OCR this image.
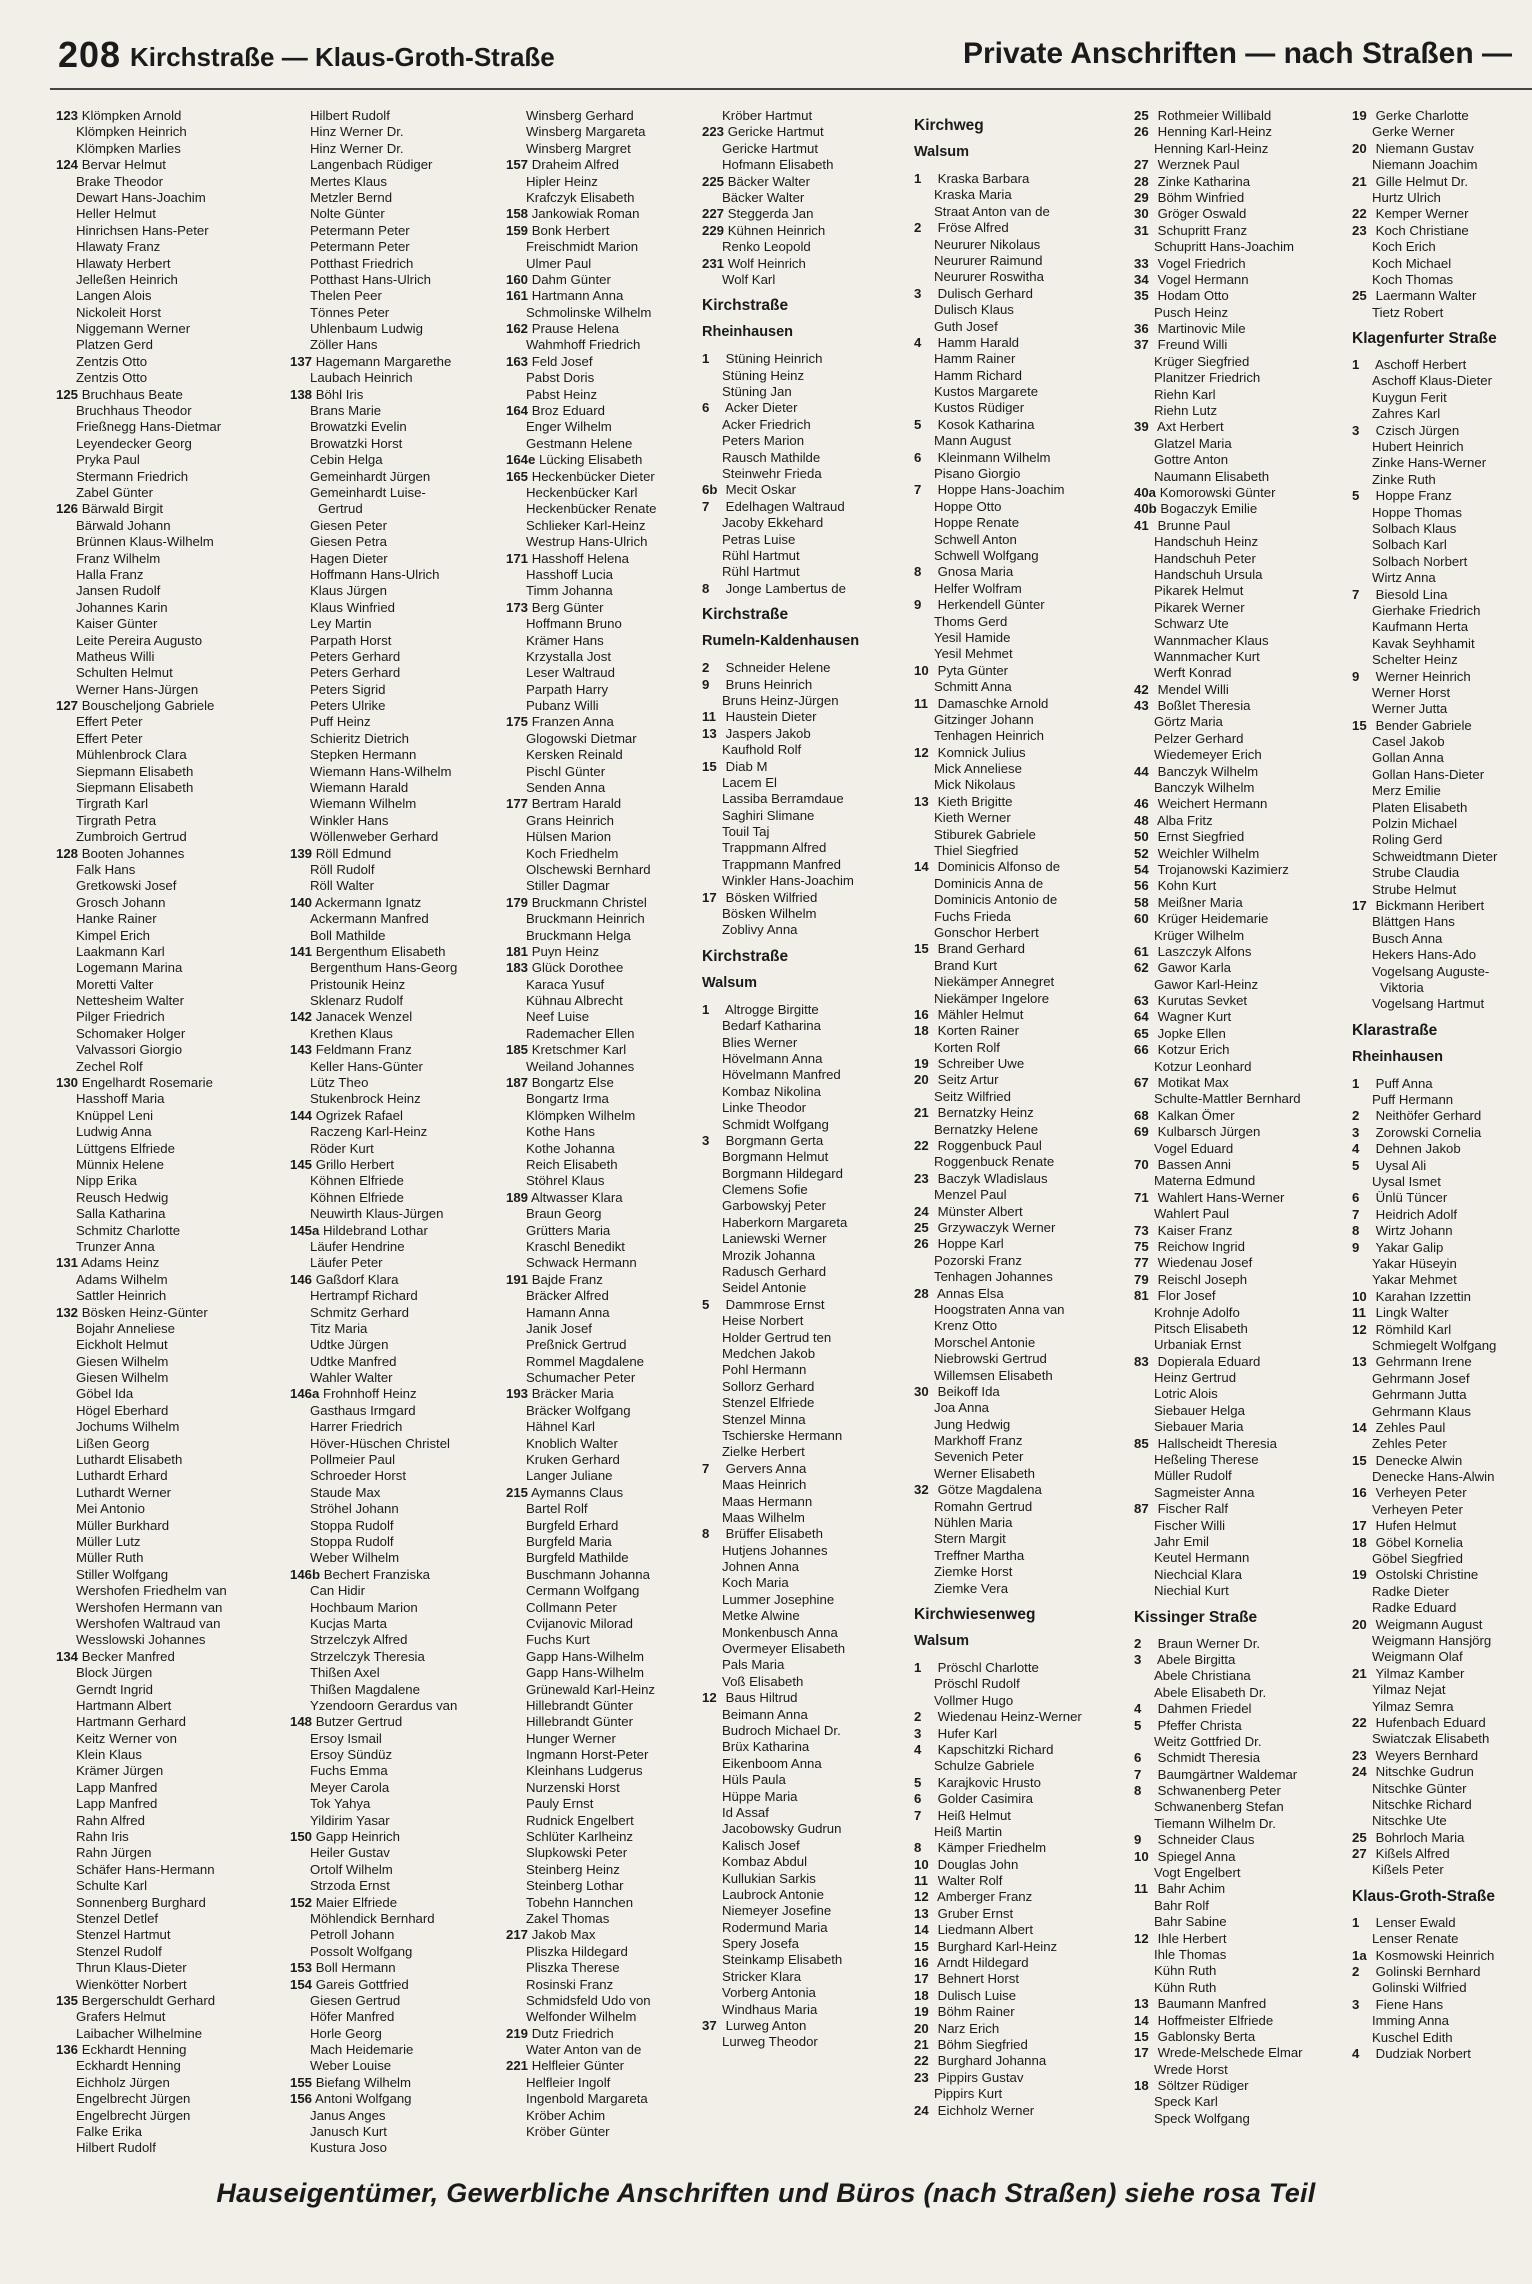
208 Kirchstraße — Klaus-Groth-Straße	Private Anschriften — nach Straßen —
123 Klömpken Arnold
Klömpken Heinrich
Klömpken Marlies
124 Bervar Helmut
Brake Theodor
Dewart Hans-Joachim
Heller Helmut
Hinrichsen Hans-Peter
Hlawaty Franz
Hlawaty Herbert
Jelleßen Heinrich
Langen Alois
Nickoleit Horst
Niggemann Werner
Platzen Gerd
Zentzis Otto
Zentzis Otto
125 Bruchhaus Beate
Bruchhaus Theodor
Frießnegg Hans-Dietmar
Leyendecker Georg
Pryka Paul
Stermann Friedrich
Zabel Günter
126 Bärwald Birgit
Bärwald Johann
Brünnen Klaus-Wilhelm
Franz Wilhelm
Halla Franz
Jansen Rudolf
Johannes Karin
Kaiser Günter
Leite Pereira Augusto
Matheus Willi
Schulten Helmut
Werner Hans-Jürgen
127 Bouscheljong Gabriele
Effert Peter
Effert Peter
Mühlenbrock Clara
Siepmann Elisabeth
Siepmann Elisabeth
Tirgrath Karl
Tirgrath Petra
Zumbroich Gertrud
128 Booten Johannes
Falk Hans
Gretkowski Josef
Grosch Johann
Hanke Rainer
Kimpel Erich
Laakmann Karl
Logemann Marina
Moretti Valter
Nettesheim Walter
Pilger Friedrich
Schomaker Holger
Valvassori Giorgio
Zechel Rolf
130 Engelhardt Rosemarie
Hasshoff Maria
Knüppel Leni
Ludwig Anna
Lüttgens Elfriede
Münnix Helene
Nipp Erika
Reusch Hedwig
Salla Katharina
Schmitz Charlotte
Trunzer Anna
131 Adams Heinz
Adams Wilhelm
Sattler Heinrich
132 Bösken Heinz-Günter
Bojahr Anneliese
Eickholt Helmut
Giesen Wilhelm
Giesen Wilhelm
Göbel Ida
Högel Eberhard
Jochums Wilhelm
Lißen Georg
Luthardt Elisabeth
Luthardt Erhard
Luthardt Werner
Mei Antonio
Müller Burkhard
Müller Lutz
Müller Ruth
Stiller Wolfgang
Wershofen Friedhelm van
Wershofen Hermann van
Wershofen Waltraud van
Wesslowski Johannes
134 Becker Manfred
Block Jürgen
Gerndt Ingrid
Hartmann Albert
Hartmann Gerhard
Keitz Werner von
Klein Klaus
Krämer Jürgen
Lapp Manfred
Lapp Manfred
Rahn Alfred
Rahn Iris
Rahn Jürgen
Schäfer Hans-Hermann
Schulte Karl
Sonnenberg Burghard
Stenzel Detlef
Stenzel Hartmut
Stenzel Rudolf
Thrun Klaus-Dieter
Wienkötter Norbert
135 Bergerschuldt Gerhard
Grafers Helmut
Laibacher Wilhelmine
136 Eckhardt Henning
Eckhardt Henning
Eichholz Jürgen
Engelbrecht Jürgen
Engelbrecht Jürgen
Falke Erika
Hilbert Rudolf
Hilbert Rudolf
Hinz Werner Dr.
Hinz Werner Dr.
Langenbach Rüdiger
Mertes Klaus
Metzler Bernd
Nolte Günter
Petermann Peter
Petermann Peter
Potthast Friedrich
Potthast Hans-Ulrich
Thelen Peer
Tönnes Peter
Uhlenbaum Ludwig
Zöller Hans
137 Hagemann Margarethe
Laubach Heinrich
138 Böhl Iris
Brans Marie
Browatzki Evelin
Browatzki Horst
Cebin Helga
Gemeinhardt Jürgen
Gemeinhardt Luise-
Gertrud
Giesen Peter
Giesen Petra
Hagen Dieter
Hoffmann Hans-Ulrich
Klaus Jürgen
Klaus Winfried
Ley Martin
Parpath Horst
Peters Gerhard
Peters Gerhard
Peters Sigrid
Peters Ulrike
Puff Heinz
Schieritz Dietrich
Stepken Hermann
Wiemann Hans-Wilhelm
Wiemann Harald
Wiemann Wilhelm
Winkler Hans
Wöllenweber Gerhard
139 Röll Edmund
Röll Rudolf
Röll Walter
140 Ackermann Ignatz
Ackermann Manfred
Boll Mathilde
141 Bergenthum Elisabeth
Bergenthum Hans-Georg
Pristounik Heinz
Sklenarz Rudolf
142 Janacek Wenzel
Krethen Klaus
143 Feldmann Franz
Keller Hans-Günter
Lütz Theo
Stukenbrock Heinz
144 Ogrizek Rafael
Raczeng Karl-Heinz
Röder Kurt
145 Grillo Herbert
Köhnen Elfriede
Köhnen Elfriede
Neuwirth Klaus-Jürgen
145a Hildebrand Lothar
Läufer Hendrine
Läufer Peter
146 Gaßdorf Klara
Hertrampf Richard
Schmitz Gerhard
Titz Maria
Udtke Jürgen
Udtke Manfred
Wahler Walter
146a Frohnhoff Heinz
Gasthaus Irmgard
Harrer Friedrich
Höver-Hüschen Christel
Pollmeier Paul
Schroeder Horst
Staude Max
Ströhel Johann
Stoppa Rudolf
Stoppa Rudolf
Weber Wilhelm
146b Bechert Franziska
Can Hidir
Hochbaum Marion
Kucjas Marta
Strzelczyk Alfred
Strzelczyk Theresia
Thißen Axel
Thißen Magdalene
Yzendoorn Gerardus van
148 Butzer Gertrud
Ersoy Ismail
Ersoy Sündüz
Fuchs Emma
Meyer Carola
Tok Yahya
Yildirim Yasar
150 Gapp Heinrich
Heiler Gustav
Ortolf Wilhelm
Strzoda Ernst
152 Maier Elfriede
Möhlendick Bernhard
Petroll Johann
Possolt Wolfgang
153 Boll Hermann
154 Gareis Gottfried
Giesen Gertrud
Höfer Manfred
Horle Georg
Mach Heidemarie
Weber Louise
155 Biefang Wilhelm
156 Antoni Wolfgang
Janus Anges
Janusch Kurt
Kustura Joso
Winsberg Gerhard
Winsberg Margareta
Winsberg Margret
157 Draheim Alfred
Hipler Heinz
Krafczyk Elisabeth
158 Jankowiak Roman
159 Bonk Herbert
Freischmidt Marion
Ulmer Paul
160 Dahm Günter
161 Hartmann Anna
Schmolinske Wilhelm
162 Prause Helena
Wahmhoff Friedrich
163 Feld Josef
Pabst Doris
Pabst Heinz
164 Broz Eduard
Enger Wilhelm
Gestmann Helene
164e Lücking Elisabeth
165 Heckenbücker Dieter
Heckenbücker Karl
Heckenbücker Renate
Schlieker Karl-Heinz
Westrup Hans-Ulrich
171 Hasshoff Helena
Hasshoff Lucia
Timm Johanna
173 Berg Günter
Hoffmann Bruno
Krämer Hans
Krzystalla Jost
Leser Waltraud
Parpath Harry
Pubanz Willi
175 Franzen Anna
Glogowski Dietmar
Kersken Reinald
Pischl Günter
Senden Anna
177 Bertram Harald
Grans Heinrich
Hülsen Marion
Koch Friedhelm
Olschewski Bernhard
Stiller Dagmar
179 Bruckmann Christel
Bruckmann Heinrich
Bruckmann Helga
181 Puyn Heinz
183 Glück Dorothee
Karaca Yusuf
Kühnau Albrecht
Neef Luise
Rademacher Ellen
185 Kretschmer Karl
Weiland Johannes
187 Bongartz Else
Bongartz Irma
Klömpken Wilhelm
Kothe Hans
Kothe Johanna
Reich Elisabeth
Stöhrel Klaus
189 Altwasser Klara
Braun Georg
Grütters Maria
Kraschl Benedikt
Schwack Hermann
191 Bajde Franz
Bräcker Alfred
Hamann Anna
Janik Josef
Preßnick Gertrud
Rommel Magdalene
Schumacher Peter
193 Bräcker Maria
Bräcker Wolfgang
Hähnel Karl
Knoblich Walter
Kruken Gerhard
Langer Juliane
215 Aymanns Claus
Bartel Rolf
Burgfeld Erhard
Burgfeld Maria
Burgfeld Mathilde
Buschmann Johanna
Cermann Wolfgang
Collmann Peter
Cvijanovic Milorad
Fuchs Kurt
Gapp Hans-Wilhelm
Gapp Hans-Wilhelm
Grünewald Karl-Heinz
Hillebrandt Günter
Hillebrandt Günter
Hunger Werner
Ingmann Horst-Peter
Kleinhans Ludgerus
Nurzenski Horst
Pauly Ernst
Rudnick Engelbert
Schlüter Karlheinz
Slupkowski Peter
Steinberg Heinz
Steinberg Lothar
Tobehn Hannchen
Zakel Thomas
217 Jakob Max
Pliszka Hildegard
Pliszka Therese
Rosinski Franz
Schmidsfeld Udo von
Welfonder Wilhelm
219 Dutz Friedrich
Water Anton van de
221 Helfleier Günter
Helfleier Ingolf
Ingenbold Margareta
Kröber Achim
Kröber Günter
Kröber Hartmut
223 Gericke Hartmut
Gericke Hartmut
Hofmann Elisabeth
225 Bäcker Walter
Bäcker Walter
227 Steggerda Jan
229 Kühnen Heinrich
Renko Leopold
231 Wolf Heinrich
Wolf Karl
Kirchstraße
Rheinhausen
1 Stüning Heinrich
Stüning Heinz
Stüning Jan
6 Acker Dieter
Acker Friedrich
Peters Marion
Rausch Mathilde
Steinwehr Frieda
6b Mecit Oskar
7 Edelhagen Waltraud
Jacoby Ekkehard
Petras Luise
Rühl Hartmut
Rühl Hartmut
8 Jonge Lambertus de
Kirchstraße
Rumeln-Kaldenhausen
2 Schneider Helene
9 Bruns Heinrich
Bruns Heinz-Jürgen
11 Haustein Dieter
13 Jaspers Jakob
Kaufhold Rolf
15 Diab M
Lacem El
Lassiba Berramdaue
Saghiri Slimane
Touil Taj
Trappmann Alfred
Trappmann Manfred
Winkler Hans-Joachim
17 Bösken Wilfried
Bösken Wilhelm
Zoblivy Anna
Kirchstraße
Walsum
1 Altrogge Birgitte
Bedarf Katharina
Blies Werner
Hövelmann Anna
Hövelmann Manfred
Kombaz Nikolina
Linke Theodor
Schmidt Wolfgang
3 Borgmann Gerta
Borgmann Helmut
Borgmann Hildegard
Clemens Sofie
Garbowskyj Peter
Haberkorn Margareta
Laniewski Werner
Mrozik Johanna
Radusch Gerhard
Seidel Antonie
5 Dammrose Ernst
Heise Norbert
Holder Gertrud ten
Medchen Jakob
Pohl Hermann
Sollorz Gerhard
Stenzel Elfriede
Stenzel Minna
Tschierske Hermann
Zielke Herbert
7 Gervers Anna
Maas Heinrich
Maas Hermann
Maas Wilhelm
8 Brüffer Elisabeth
Hutjens Johannes
Johnen Anna
Koch Maria
Lummer Josephine
Metke Alwine
Monkenbusch Anna
Overmeyer Elisabeth
Pals Maria
Voß Elisabeth
12 Baus Hiltrud
Beimann Anna
Budroch Michael Dr.
Brüx Katharina
Eikenboom Anna
Hüls Paula
Hüppe Maria
Id Assaf
Jacobowsky Gudrun
Kalisch Josef
Kombaz Abdul
Kullukian Sarkis
Laubrock Antonie
Niemeyer Josefine
Rodermund Maria
Spery Josefa
Steinkamp Elisabeth
Stricker Klara
Vorberg Antonia
Windhaus Maria
37 Lurweg Anton
Lurweg Theodor
Kirchweg
Walsum
1 Kraska Barbara
Kraska Maria
Straat Anton van de
2 Fröse Alfred
Neururer Nikolaus
Neururer Raimund
Neururer Roswitha
3 Dulisch Gerhard
Dulisch Klaus
Guth Josef
4 Hamm Harald
Hamm Rainer
Hamm Richard
Kustos Margarete
Kustos Rüdiger
5 Kosok Katharina
Mann August
6 Kleinmann Wilhelm
Pisano Giorgio
7 Hoppe Hans-Joachim
Hoppe Otto
Hoppe Renate
Schwell Anton
Schwell Wolfgang
8 Gnosa Maria
Helfer Wolfram
9 Herkendell Günter
Thoms Gerd
Yesil Hamide
Yesil Mehmet
10 Pyta Günter
Schmitt Anna
11 Damaschke Arnold
Gitzinger Johann
Tenhagen Heinrich
12 Komnick Julius
Mick Anneliese
Mick Nikolaus
13 Kieth Brigitte
Kieth Werner
Stiburek Gabriele
Thiel Siegfried
14 Dominicis Alfonso de
Dominicis Anna de
Dominicis Antonio de
Fuchs Frieda
Gonschor Herbert
15 Brand Gerhard
Brand Kurt
Niekämper Annegret
Niekämper Ingelore
16 Mähler Helmut
18 Korten Rainer
Korten Rolf
19 Schreiber Uwe
20 Seitz Artur
Seitz Wilfried
21 Bernatzky Heinz
Bernatzky Helene
22 Roggenbuck Paul
Roggenbuck Renate
23 Baczyk Wladislaus
Menzel Paul
24 Münster Albert
25 Grzywaczyk Werner
26 Hoppe Karl
Pozorski Franz
Tenhagen Johannes
28 Annas Elsa
Hoogstraten Anna van
Krenz Otto
Morschel Antonie
Niebrowski Gertrud
Willemsen Elisabeth
30 Beikoff Ida
Joa Anna
Jung Hedwig
Markhoff Franz
Sevenich Peter
Werner Elisabeth
32 Götze Magdalena
Romahn Gertrud
Nühlen Maria
Stern Margit
Treffner Martha
Ziemke Horst
Ziemke Vera
Kirchwiesenweg
Walsum
1 Pröschl Charlotte
Pröschl Rudolf
Vollmer Hugo
2 Wiedenau Heinz-Werner
3 Hufer Karl
4 Kapschitzki Richard
Schulze Gabriele
5 Karajkovic Hrusto
6 Golder Casimira
7 Heiß Helmut
Heiß Martin
8 Kämper Friedhelm
10 Douglas John
11 Walter Rolf
12 Amberger Franz
13 Gruber Ernst
14 Liedmann Albert
15 Burghard Karl-Heinz
16 Arndt Hildegard
17 Behnert Horst
18 Dulisch Luise
19 Böhm Rainer
20 Narz Erich
21 Böhm Siegfried
22 Burghard Johanna
23 Pippirs Gustav
Pippirs Kurt
24 Eichholz Werner
25 Rothmeier Willibald
26 Henning Karl-Heinz
Henning Karl-Heinz
27 Werznek Paul
28 Zinke Katharina
29 Böhm Winfried
30 Gröger Oswald
31 Schupritt Franz
Schupritt Hans-Joachim
33 Vogel Friedrich
34 Vogel Hermann
35 Hodam Otto
Pusch Heinz
36 Martinovic Mile
37 Freund Willi
Krüger Siegfried
Planitzer Friedrich
Riehn Karl
Riehn Lutz
39 Axt Herbert
Glatzel Maria
Gottre Anton
Naumann Elisabeth
40a Komorowski Günter
40b Bogaczyk Emilie
41 Brunne Paul
Handschuh Heinz
Handschuh Peter
Handschuh Ursula
Pikarek Helmut
Pikarek Werner
Schwarz Ute
Wannmacher Klaus
Wannmacher Kurt
Werft Konrad
42 Mendel Willi
43 Boßlet Theresia
Görtz Maria
Pelzer Gerhard
Wiedemeyer Erich
44 Banczyk Wilhelm
Banczyk Wilhelm
46 Weichert Hermann
48 Alba Fritz
50 Ernst Siegfried
52 Weichler Wilhelm
54 Trojanowski Kazimierz
56 Kohn Kurt
58 Meißner Maria
60 Krüger Heidemarie
Krüger Wilhelm
61 Laszczyk Alfons
62 Gawor Karla
Gawor Karl-Heinz
63 Kurutas Sevket
64 Wagner Kurt
65 Jopke Ellen
66 Kotzur Erich
Kotzur Leonhard
67 Motikat Max
Schulte-Mattler Bernhard
68 Kalkan Ömer
69 Kulbarsch Jürgen
Vogel Eduard
70 Bassen Anni
Materna Edmund
71 Wahlert Hans-Werner
Wahlert Paul
73 Kaiser Franz
75 Reichow Ingrid
77 Wiedenau Josef
79 Reischl Joseph
81 Flor Josef
Krohnje Adolfo
Pitsch Elisabeth
Urbaniak Ernst
83 Dopierala Eduard
Heinz Gertrud
Lotric Alois
Siebauer Helga
Siebauer Maria
85 Hallscheidt Theresia
Heßeling Therese
Müller Rudolf
Sagmeister Anna
87 Fischer Ralf
Fischer Willi
Jahr Emil
Keutel Hermann
Niechcial Klara
Niechial Kurt
Kissinger Straße
2 Braun Werner Dr.
3 Abele Birgitta
Abele Christiana
Abele Elisabeth Dr.
4 Dahmen Friedel
5 Pfeffer Christa
Weitz Gottfried Dr.
6 Schmidt Theresia
7 Baumgärtner Waldemar
8 Schwanenberg Peter
Schwanenberg Stefan
Tiemann Wilhelm Dr.
9 Schneider Claus
10 Spiegel Anna
Vogt Engelbert
11 Bahr Achim
Bahr Rolf
Bahr Sabine
12 Ihle Herbert
Ihle Thomas
Kühn Ruth
Kühn Ruth
13 Baumann Manfred
14 Hoffmeister Elfriede
15 Gablonsky Berta
17 Wrede-Melschede Elmar
Wrede Horst
18 Söltzer Rüdiger
Speck Karl
Speck Wolfgang
19 Gerke Charlotte
Gerke Werner
20 Niemann Gustav
Niemann Joachim
21 Gille Helmut Dr.
Hurtz Ulrich
22 Kemper Werner
23 Koch Christiane
Koch Erich
Koch Michael
Koch Thomas
25 Laermann Walter
Tietz Robert
Klagenfurter Straße
1 Aschoff Herbert
Aschoff Klaus-Dieter
Kuygun Ferit
Zahres Karl
3 Czisch Jürgen
Hubert Heinrich
Zinke Hans-Werner
Zinke Ruth
5 Hoppe Franz
Hoppe Thomas
Solbach Klaus
Solbach Karl
Solbach Norbert
Wirtz Anna
7 Biesold Lina
Gierhake Friedrich
Kaufmann Herta
Kavak Seyhhamit
Schelter Heinz
9 Werner Heinrich
Werner Horst
Werner Jutta
15 Bender Gabriele
Casel Jakob
Gollan Anna
Gollan Hans-Dieter
Merz Emilie
Platen Elisabeth
Polzin Michael
Roling Gerd
Schweidtmann Dieter
Strube Claudia
Strube Helmut
17 Bickmann Heribert
Blättgen Hans
Busch Anna
Hekers Hans-Ado
Vogelsang Auguste-
Viktoria
Vogelsang Hartmut
Klarastraße
Rheinhausen
1 Puff Anna
Puff Hermann
2 Neithöfer Gerhard
3 Zorowski Cornelia
4 Dehnen Jakob
5 Uysal Ali
Uysal Ismet
6 Ünlü Tüncer
7 Heidrich Adolf
8 Wirtz Johann
9 Yakar Galip
Yakar Hüseyin
Yakar Mehmet
10 Karahan Izzettin
11 Lingk Walter
12 Römhild Karl
Schmiegelt Wolfgang
13 Gehrmann Irene
Gehrmann Josef
Gehrmann Jutta
Gehrmann Klaus
14 Zehles Paul
Zehles Peter
15 Denecke Alwin
Denecke Hans-Alwin
16 Verheyen Peter
Verheyen Peter
17 Hufen Helmut
18 Göbel Kornelia
Göbel Siegfried
19 Ostolski Christine
Radke Dieter
Radke Eduard
20 Weigmann August
Weigmann Hansjörg
Weigmann Olaf
21 Yilmaz Kamber
Yilmaz Nejat
Yilmaz Semra
22 Hufenbach Eduard
Swiatczak Elisabeth
23 Weyers Bernhard
24 Nitschke Gudrun
Nitschke Günter
Nitschke Richard
Nitschke Ute
25 Bohrloch Maria
27 Kißels Alfred
Kißels Peter
Klaus-Groth-Straße
1 Lenser Ewald
Lenser Renate
1a Kosmowski Heinrich
2 Golinski Bernhard
Golinski Wilfried
3 Fiene Hans
Imming Anna
Kuschel Edith
4 Dudziak Norbert
Hauseigentümer, Gewerbliche Anschriften und Büros (nach Straßen) siehe rosa Teil
